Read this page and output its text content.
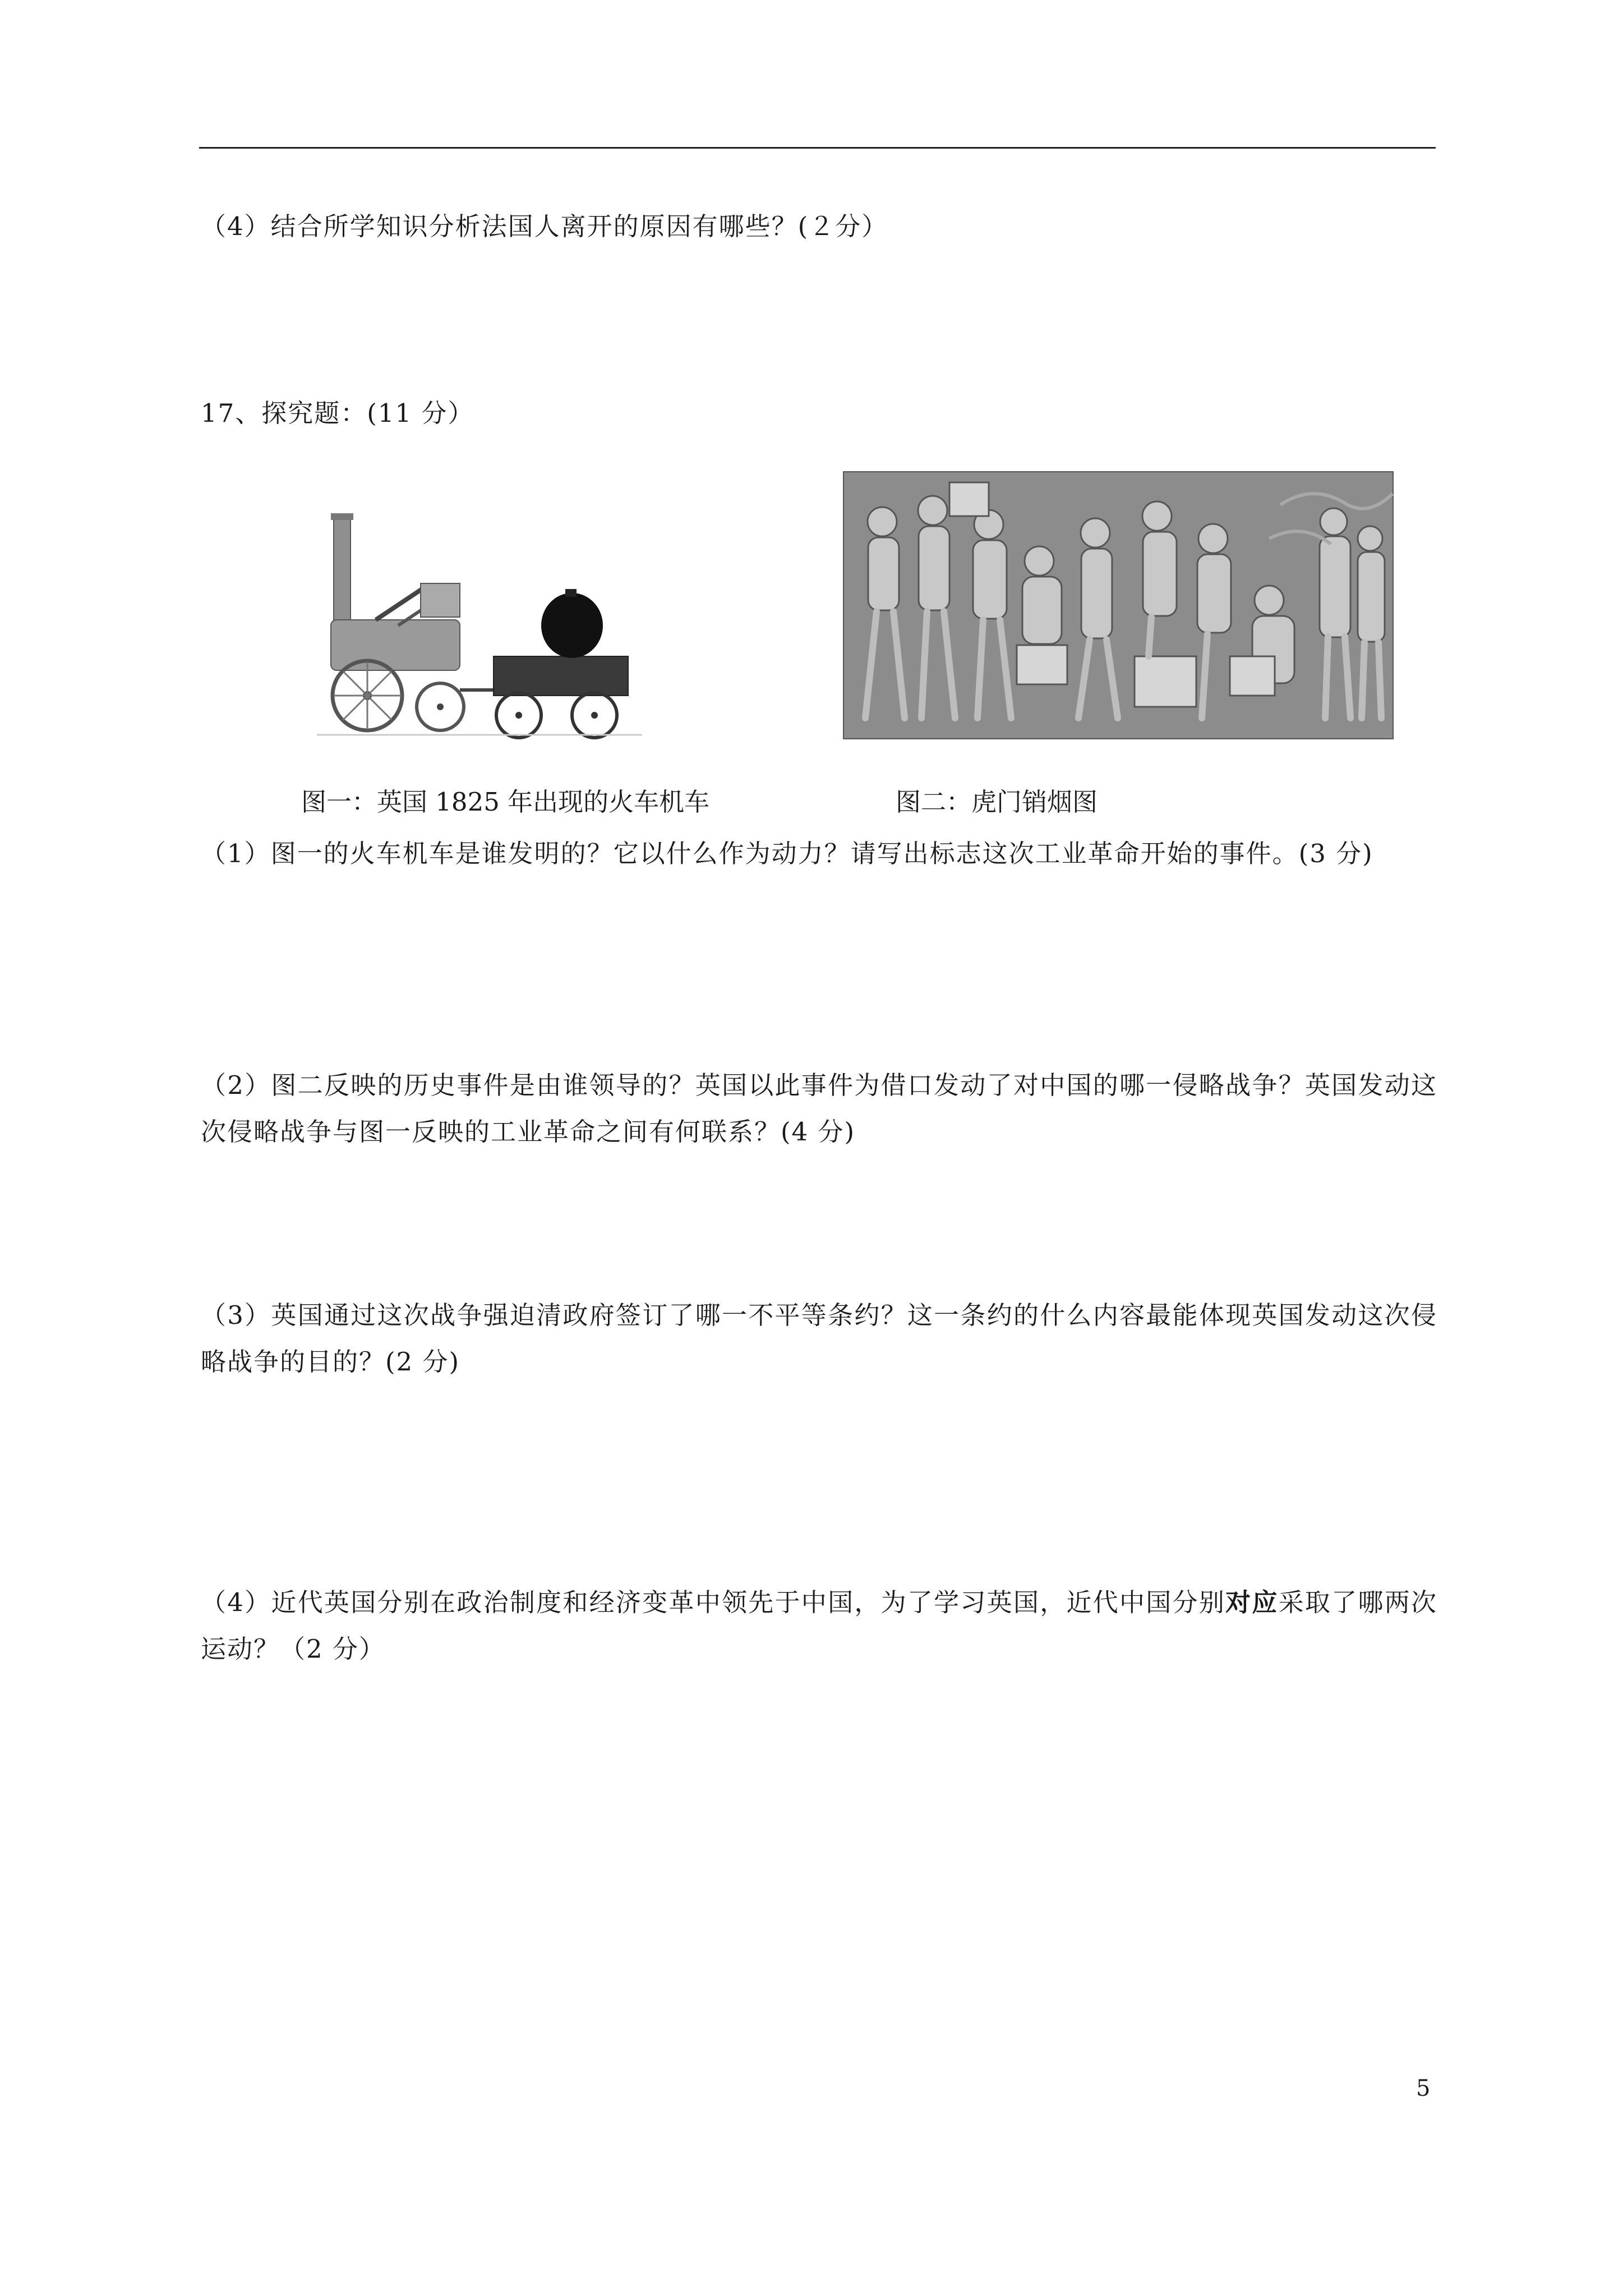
（4）结合所学知识分析法国人离开的原因有哪些？(２分）
17、探究题：(11 分）
图一：英国 1825 年出现的火车机车	图二：虎门销烟图
（1）图一的火车机车是谁发明的？它以什么作为动力？请写出标志这次工业革命开始的事件。(3 分)
（2）图二反映的历史事件是由谁领导的？英国以此事件为借口发动了对中国的哪一侵略战争？英国发动这次侵略战争与图一反映的工业革命之间有何联系？(4 分)
（3）英国通过这次战争强迫清政府签订了哪一不平等条约？这一条约的什么内容最能体现英国发动这次侵略战争的目的？(2 分)
（4）近代英国分别在政治制度和经济变革中领先于中国，为了学习英国，近代中国分别对应采取了哪两次运动？（2 分）
5
